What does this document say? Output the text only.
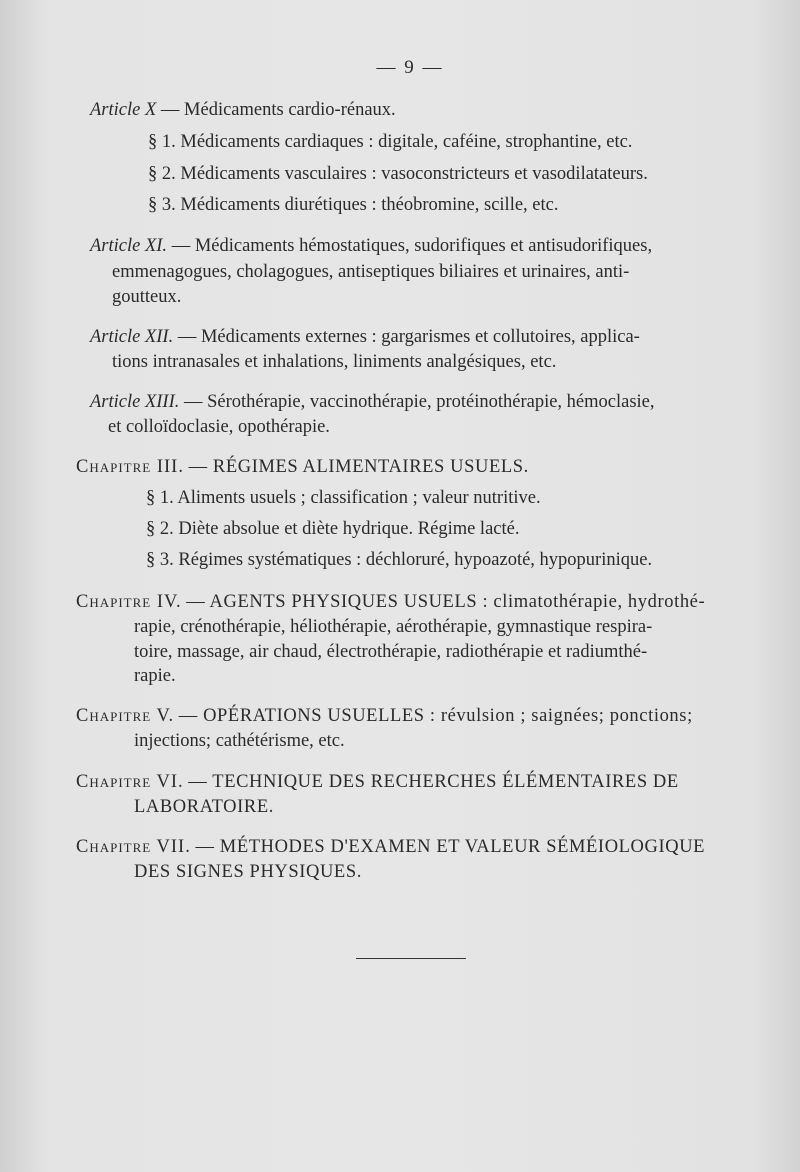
— 9 —
Article X — Médicaments cardio-rénaux.
§ 1. Médicaments cardiaques : digitale, caféine, strophantine, etc.
§ 2. Médicaments vasculaires : vasoconstricteurs et vasodilatateurs.
§ 3. Médicaments diurétiques : théobromine, scille, etc.
Article XI. — Médicaments hémostatiques, sudorifiques et antisudorifiques,
emmenagogues, cholagogues, antiseptiques biliaires et urinaires, anti-
goutteux.
Article XII. — Médicaments externes : gargarismes et collutoires, applica-
tions intranasales et inhalations, liniments analgésiques, etc.
Article XIII. — Sérothérapie, vaccinothérapie, protéinothérapie, hémoclasie,
et colloïdoclasie, opothérapie.
Chapitre III. — RÉGIMES ALIMENTAIRES USUELS.
§ 1. Aliments usuels ; classification ; valeur nutritive.
§ 2. Diète absolue et diète hydrique. Régime lacté.
§ 3. Régimes systématiques : déchloruré, hypoazoté, hypopurinique.
Chapitre IV. — AGENTS PHYSIQUES USUELS : climatothérapie, hydrothé-
rapie, crénothérapie, héliothérapie, aérothérapie, gymnastique respira-
toire, massage, air chaud, électrothérapie, radiothérapie et radiumthé-
rapie.
Chapitre V. — OPÉRATIONS USUELLES : révulsion ; saignées; ponctions;
injections; cathétérisme, etc.
Chapitre VI. — TECHNIQUE DES RECHERCHES ÉLÉMENTAIRES DE
LABORATOIRE.
Chapitre VII. — MÉTHODES D'EXAMEN ET VALEUR SÉMÉIOLOGIQUE
DES SIGNES PHYSIQUES.
